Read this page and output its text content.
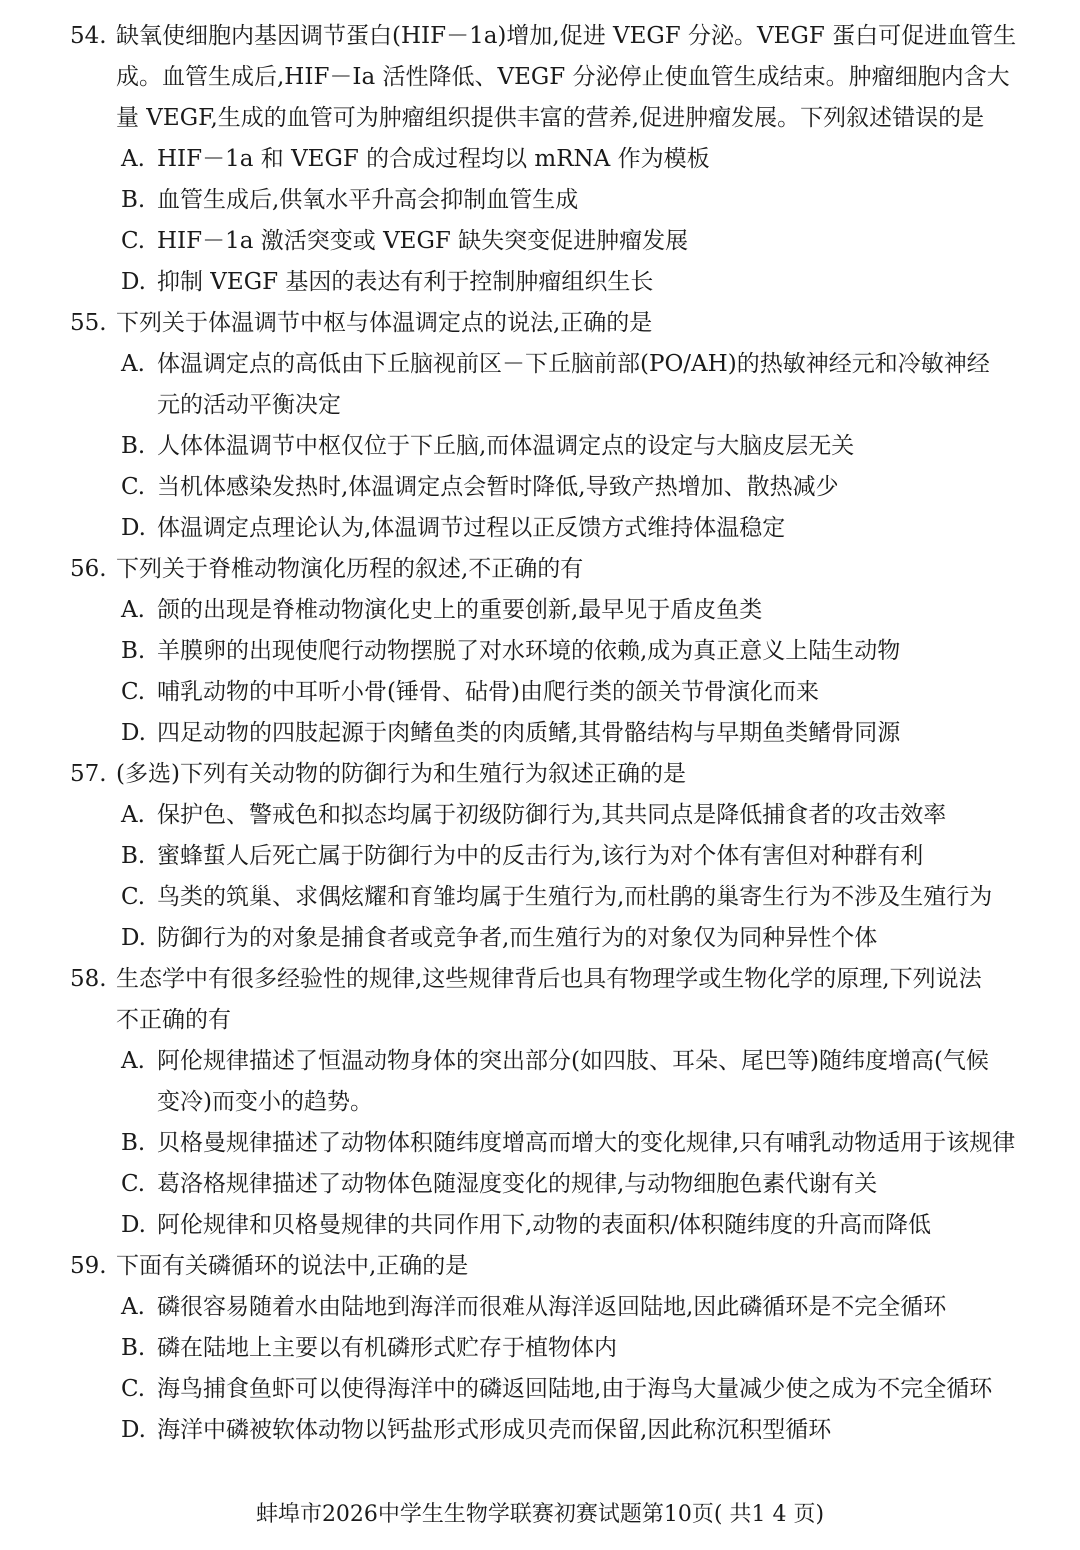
54. 缺氧使细胞内基因调节蛋白(HIF－1a)增加,促进 VEGF 分泌。VEGF 蛋白可促进血管生
成。血管生成后,HIF－Ia 活性降低、VEGF 分泌停止使血管生成结束。肿瘤细胞内含大
量 VEGF,生成的血管可为肿瘤组织提供丰富的营养,促进肿瘤发展。下列叙述错误的是
A. HIF－1a 和 VEGF 的合成过程均以 mRNA 作为模板
B. 血管生成后,供氧水平升高会抑制血管生成
C. HIF－1a 激活突变或 VEGF 缺失突变促进肿瘤发展
D. 抑制 VEGF 基因的表达有利于控制肿瘤组织生长
55. 下列关于体温调节中枢与体温调定点的说法,正确的是
A. 体温调定点的高低由下丘脑视前区－下丘脑前部(PO/AH)的热敏神经元和冷敏神经
元的活动平衡决定
B. 人体体温调节中枢仅位于下丘脑,而体温调定点的设定与大脑皮层无关
C. 当机体感染发热时,体温调定点会暂时降低,导致产热增加、散热减少
D. 体温调定点理论认为,体温调节过程以正反馈方式维持体温稳定
56. 下列关于脊椎动物演化历程的叙述,不正确的有
A. 颌的出现是脊椎动物演化史上的重要创新,最早见于盾皮鱼类
B. 羊膜卵的出现使爬行动物摆脱了对水环境的依赖,成为真正意义上陆生动物
C. 哺乳动物的中耳听小骨(锤骨、砧骨)由爬行类的颌关节骨演化而来
D. 四足动物的四肢起源于肉鳍鱼类的肉质鳍,其骨骼结构与早期鱼类鳍骨同源
57. (多选)下列有关动物的防御行为和生殖行为叙述正确的是
A. 保护色、警戒色和拟态均属于初级防御行为,其共同点是降低捕食者的攻击效率
B. 蜜蜂蜇人后死亡属于防御行为中的反击行为,该行为对个体有害但对种群有利
C. 鸟类的筑巢、求偶炫耀和育雏均属于生殖行为,而杜鹃的巢寄生行为不涉及生殖行为
D. 防御行为的对象是捕食者或竞争者,而生殖行为的对象仅为同种异性个体
58. 生态学中有很多经验性的规律,这些规律背后也具有物理学或生物化学的原理,下列说法
不正确的有
A. 阿伦规律描述了恒温动物身体的突出部分(如四肢、耳朵、尾巴等)随纬度增高(气候
变冷)而变小的趋势。
B. 贝格曼规律描述了动物体积随纬度增高而增大的变化规律,只有哺乳动物适用于该规律
C. 葛洛格规律描述了动物体色随湿度变化的规律,与动物细胞色素代谢有关
D. 阿伦规律和贝格曼规律的共同作用下,动物的表面积/体积随纬度的升高而降低
59. 下面有关磷循环的说法中,正确的是
A. 磷很容易随着水由陆地到海洋而很难从海洋返回陆地,因此磷循环是不完全循环
B. 磷在陆地上主要以有机磷形式贮存于植物体内
C. 海鸟捕食鱼虾可以使得海洋中的磷返回陆地,由于海鸟大量减少使之成为不完全循环
D. 海洋中磷被软体动物以钙盐形式形成贝壳而保留,因此称沉积型循环
蚌埠市2026中学生生物学联赛初赛试题第10页( 共1 4 页)
